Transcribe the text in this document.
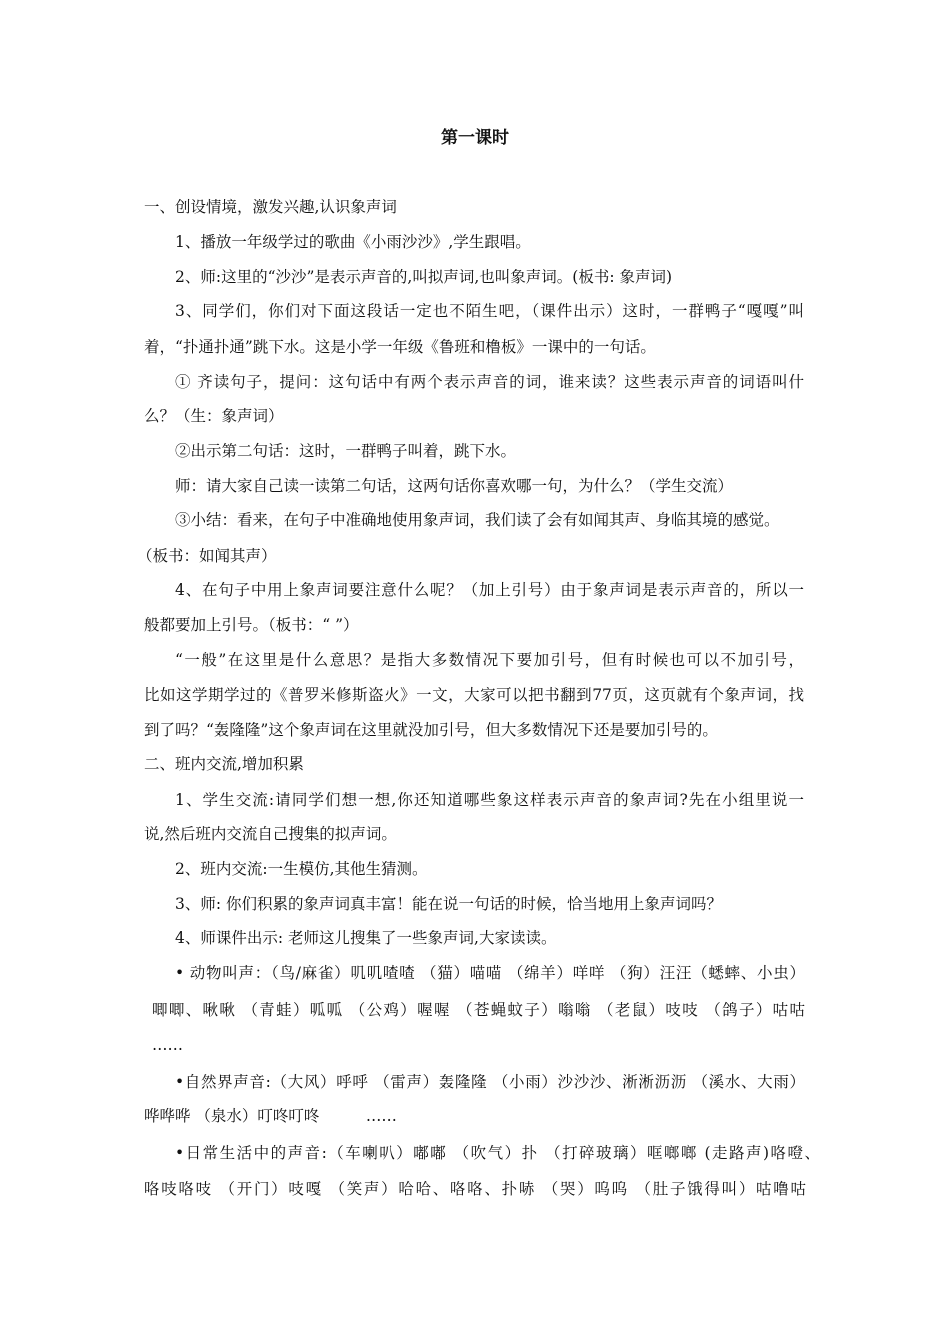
第一课时
一、创设情境，激发兴趣,认识象声词
1、播放一年级学过的歌曲《小雨沙沙》,学生跟唱。
2、师:这里的“沙沙”是表示声音的,叫拟声词,也叫象声词。(板书: 象声词)
3、同学们，你们对下面这段话一定也不陌生吧，（课件出示）这时，一群鸭子“嘎嘎”叫
着，“扑通扑通”跳下水。这是小学一年级《鲁班和橹板》一课中的一句话。
① 齐读句子，提问：这句话中有两个表示声音的词，谁来读？这些表示声音的词语叫什
么？（生：象声词）
②出示第二句话：这时，一群鸭子叫着，跳下水。
师：请大家自己读一读第二句话，这两句话你喜欢哪一句，为什么？（学生交流）
③小结：看来，在句子中准确地使用象声词，我们读了会有如闻其声、身临其境的感觉。
（板书：如闻其声）
4、在句子中用上象声词要注意什么呢？（加上引号）由于象声词是表示声音的，所以一
般都要加上引号。（板书：“ ”）
“一般”在这里是什么意思？是指大多数情况下要加引号，但有时候也可以不加引号，
比如这学期学过的《普罗米修斯盗火》一文，大家可以把书翻到77页，这页就有个象声词，找
到了吗？“轰隆隆”这个象声词在这里就没加引号，但大多数情况下还是要加引号的。
二、班内交流,增加积累
1、学生交流:请同学们想一想,你还知道哪些象这样表示声音的象声词?先在小组里说一
说,然后班内交流自己搜集的拟声词。
2、班内交流:一生模仿,其他生猜测。
3、师: 你们积累的象声词真丰富！能在说一句话的时候，恰当地用上象声词吗？
4、师课件出示: 老师这儿搜集了一些象声词,大家读读。
• 动物叫声：（鸟/麻雀）叽叽喳喳 （猫）喵喵 （绵羊）咩咩 （狗）汪汪（蟋蟀、小虫）
唧唧、啾啾 （青蛙）呱呱 （公鸡）喔喔 （苍蝇蚊子）嗡嗡 （老鼠）吱吱 （鸽子）咕咕
……
•自然界声音:（大风）呼呼 （雷声）轰隆隆 （小雨）沙沙沙、淅淅沥沥 （溪水、大雨）
哗哗哗 （泉水）叮咚叮咚　　　……
•日常生活中的声音:（车喇叭）嘟嘟 （吹气）扑 （打碎玻璃）哐啷啷 (走路声)咯噔、
咯吱咯吱 （开门）吱嘎 （笑声）哈哈、咯咯、扑哧 （哭）呜呜 （肚子饿得叫）咕噜咕
